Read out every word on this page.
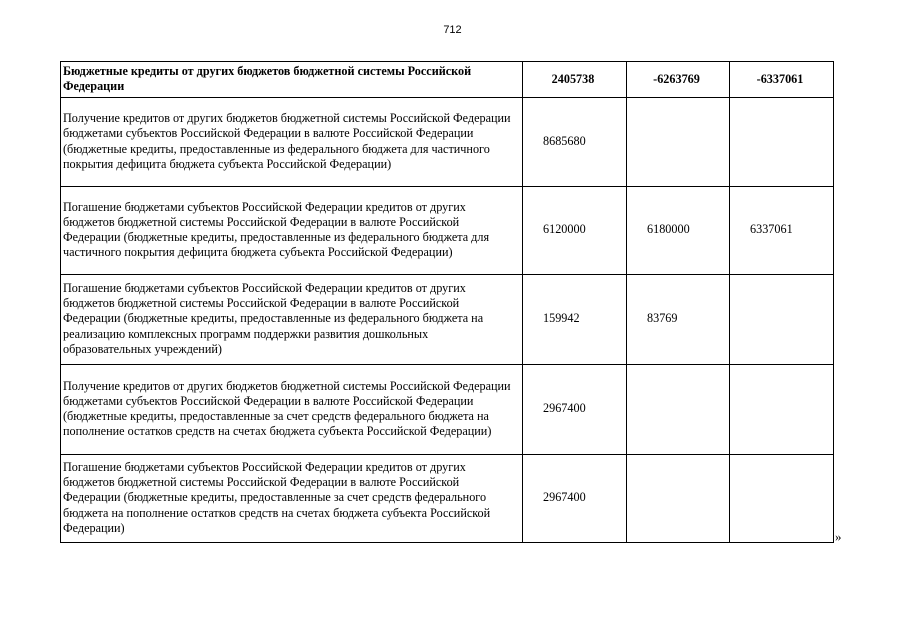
712
Бюджетные кредиты от других бюджетов бюджетной системы Российской Федерации	2405738	-6263769	-6337061
Получение кредитов от других бюджетов бюджетной системы Российской Федерации бюджетами субъектов Российской Федерации в валюте Российской Федерации (бюджетные кредиты, предоставленные из федерального бюджета для частичного покрытия дефицита бюджета субъекта Российской Федерации)	8685680		
Погашение бюджетами субъектов Российской Федерации кредитов от других бюджетов бюджетной системы Российской Федерации в валюте Российской Федерации (бюджетные кредиты, предоставленные из федерального бюджета для частичного покрытия дефицита бюджета субъекта Российской Федерации)	6120000	6180000	6337061
Погашение бюджетами субъектов Российской Федерации кредитов от других бюджетов бюджетной системы Российской Федерации в валюте Российской Федерации (бюджетные кредиты, предоставленные из федерального бюджета на реализацию комплексных программ поддержки развития дошкольных образовательных учреждений)	159942	83769	
Получение кредитов от других бюджетов бюджетной системы Российской Федерации бюджетами субъектов Российской Федерации в валюте Российской Федерации (бюджетные кредиты, предоставленные за счет средств федерального бюджета на пополнение остатков средств на счетах бюджета субъекта Российской Федерации)	2967400		
Погашение бюджетами субъектов Российской Федерации кредитов от других бюджетов бюджетной системы Российской Федерации в валюте Российской Федерации (бюджетные кредиты, предоставленные за счет средств федерального бюджета на пополнение остатков средств на счетах бюджета субъекта Российской Федерации)	2967400		
»
